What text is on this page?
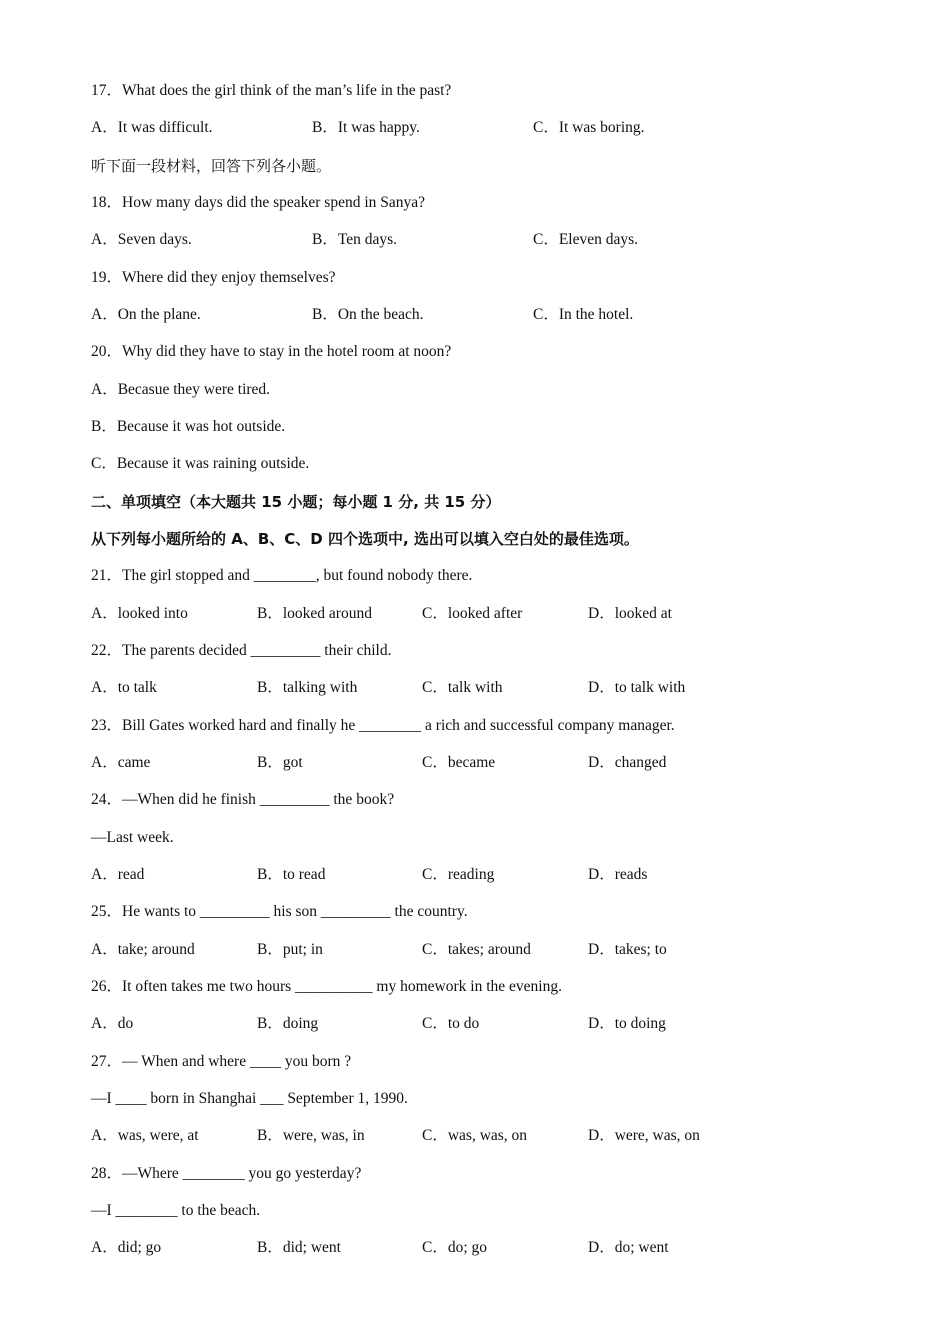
17．What does the girl think of the man’s life in the past?
A．It was difficult.	B．It was happy.	C．It was boring.
听下面一段材料，回答下列各小题。
18．How many days did the speaker spend in Sanya?
A．Seven days.	B．Ten days.	C．Eleven days.
19．Where did they enjoy themselves?
A．On the plane.	B．On the beach.	C．In the hotel.
20．Why did they have to stay in the hotel room at noon?
A．Becasue they were tired.
B．Because it was hot outside.
C．Because it was raining outside.
二、单项填空（本大题共 15 小题；每小题 1 分, 共 15 分）
从下列每小题所给的 A、B、C、D 四个选项中, 选出可以填入空白处的最佳选项。
21．The girl stopped and ________, but found nobody there.
A．looked into	B．looked around	C．looked after	D．looked at
22．The parents decided _________ their child.
A．to talk	B．talking with	C．talk with	D．to talk with
23．Bill Gates worked hard and finally he ________ a rich and successful company manager.
A．came	B．got	C．became	D．changed
24．—When did he finish _________ the book?
—Last week.
A．read	B．to read	C．reading	D．reads
25．He wants to _________ his son _________ the country.
A．take; around	B．put; in	C．takes; around	D．takes; to
26．It often takes me two hours __________ my homework in the evening.
A．do	B．doing	C．to do	D．to doing
27．— When and where ____ you born ?
—I ____ born in Shanghai ___ September 1, 1990.
A．was, were, at	B．were, was, in	C．was, was, on	D．were, was, on
28．—Where ________ you go yesterday?
—I ________ to the beach.
A．did; go	B．did; went	C．do; go	D．do; went
